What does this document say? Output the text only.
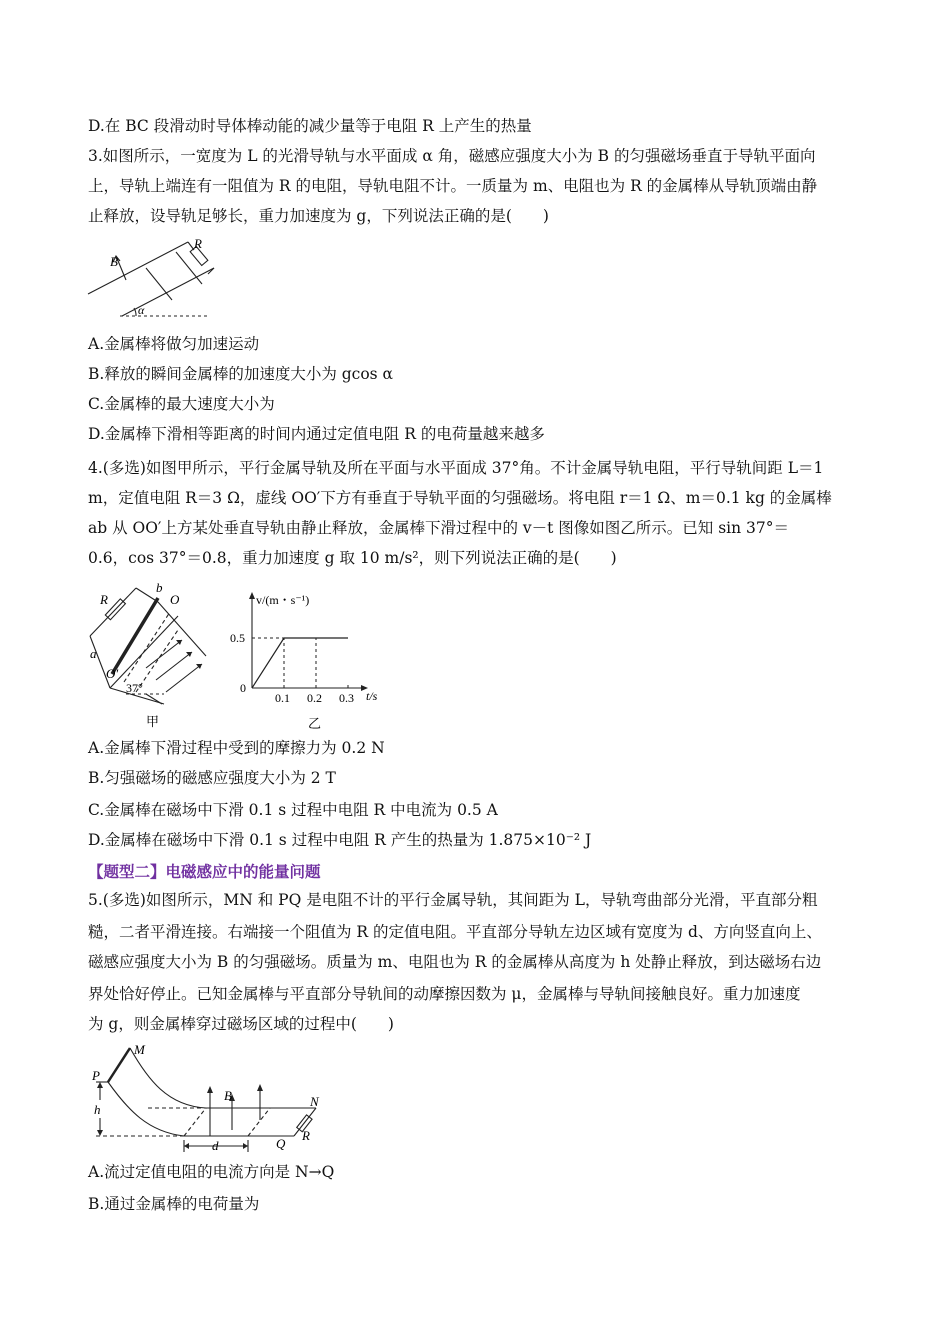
D.在 BC 段滑动时导体棒动能的减少量等于电阻 R 上产生的热量

3.如图所示，一宽度为 L 的光滑导轨与水平面成 α 角，磁感应强度大小为 B 的匀强磁场垂直于导轨平面向

上，导轨上端连有一阻值为 R 的电阻，导轨电阻不计。一质量为 m、电阻也为 R 的金属棒从导轨顶端由静

止释放，设导轨足够长，重力加速度为 g，下列说法正确的是(　　)

A.金属棒将做匀加速运动

B.释放的瞬间金属棒的加速度大小为 gcos α

C.金属棒的最大速度大小为

D.金属棒下滑相等距离的时间内通过定值电阻 R 的电荷量越来越多

4.(多选)如图甲所示，平行金属导轨及所在平面与水平面成 37°角。不计金属导轨电阻，平行导轨间距 L＝1

m，定值电阻 R＝3 Ω，虚线 OO′下方有垂直于导轨平面的匀强磁场。将电阻 r＝1 Ω、m＝0.1 kg 的金属棒

ab 从 OO′上方某处垂直导轨由静止释放，金属棒下滑过程中的 v－t 图像如图乙所示。已知 sin 37°＝

0.6，cos 37°＝0.8，重力加速度 g 取 10 m/s²，则下列说法正确的是(　　)

A.金属棒下滑过程中受到的摩擦力为 0.2 N

B.匀强磁场的磁感应强度大小为 2 T

C.金属棒在磁场中下滑 0.1 s 过程中电阻 R 中电流为 0.5 A

D.金属棒在磁场中下滑 0.1 s 过程中电阻 R 产生的热量为 1.875×10⁻² J

【题型二】电磁感应中的能量问题

5.(多选)如图所示，MN 和 PQ 是电阻不计的平行金属导轨，其间距为 L，导轨弯曲部分光滑，平直部分粗

糙，二者平滑连接。右端接一个阻值为 R 的定值电阻。平直部分导轨左边区域有宽度为 d、方向竖直向上、

磁感应强度大小为 B 的匀强磁场。质量为 m、电阻也为 R 的金属棒从高度为 h 处静止释放，到达磁场右边

界处恰好停止。已知金属棒与平直部分导轨间的动摩擦因数为 μ，金属棒与导轨间接触良好。重力加速度

为 g，则金属棒穿过磁场区域的过程中(　　)

A.流过定值电阻的电流方向是 N→Q

B.通过金属棒的电荷量为

B
R
α
R
b
O
a
O′
37°
甲
v/(m・s⁻¹)
t/s
0
0.1 0.2 0.3
0.5
乙
M
P
h
B	N
d	Q
R
